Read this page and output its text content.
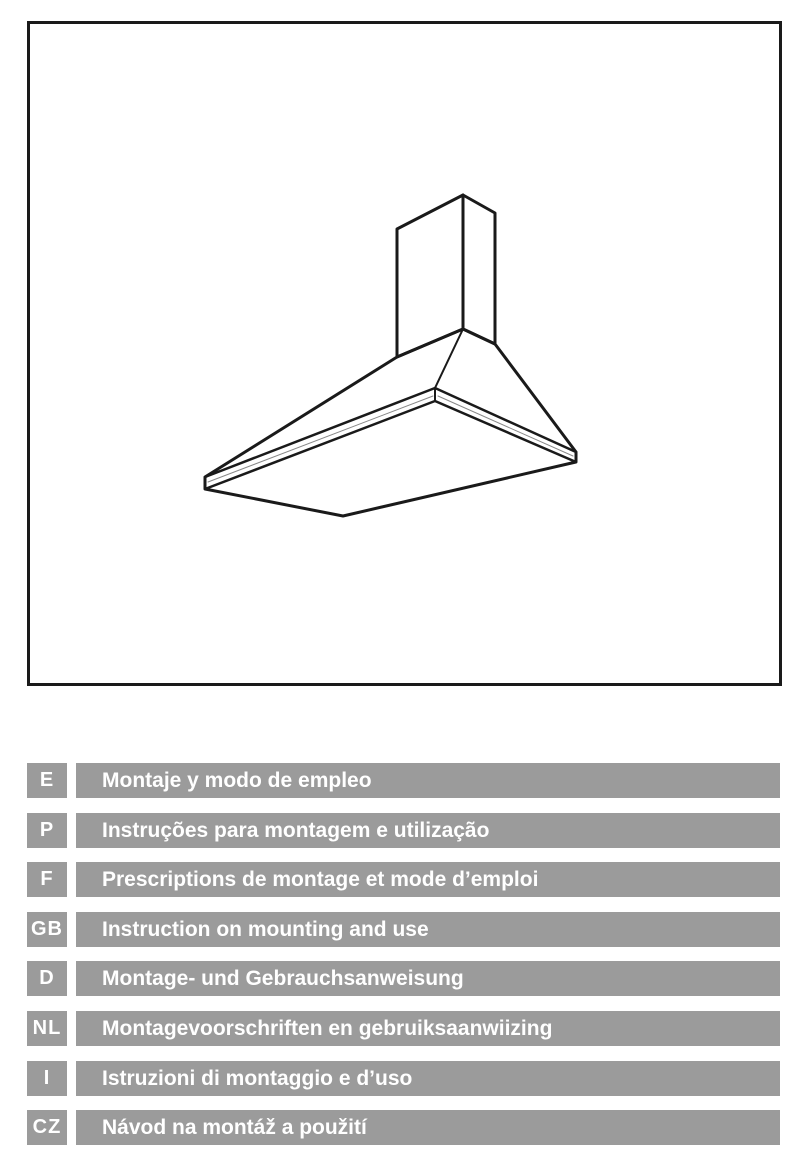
E	Montaje y modo de empleo
P	Instruções para montagem e utilização
F	Prescriptions de montage et mode d’emploi
GB	Instruction on mounting and use
D	Montage- und Gebrauchsanweisung
NL	Montagevoorschriften en gebruiksaanwiizing
I	Istruzioni di montaggio e d’uso
CZ	Návod na montáž a použití
